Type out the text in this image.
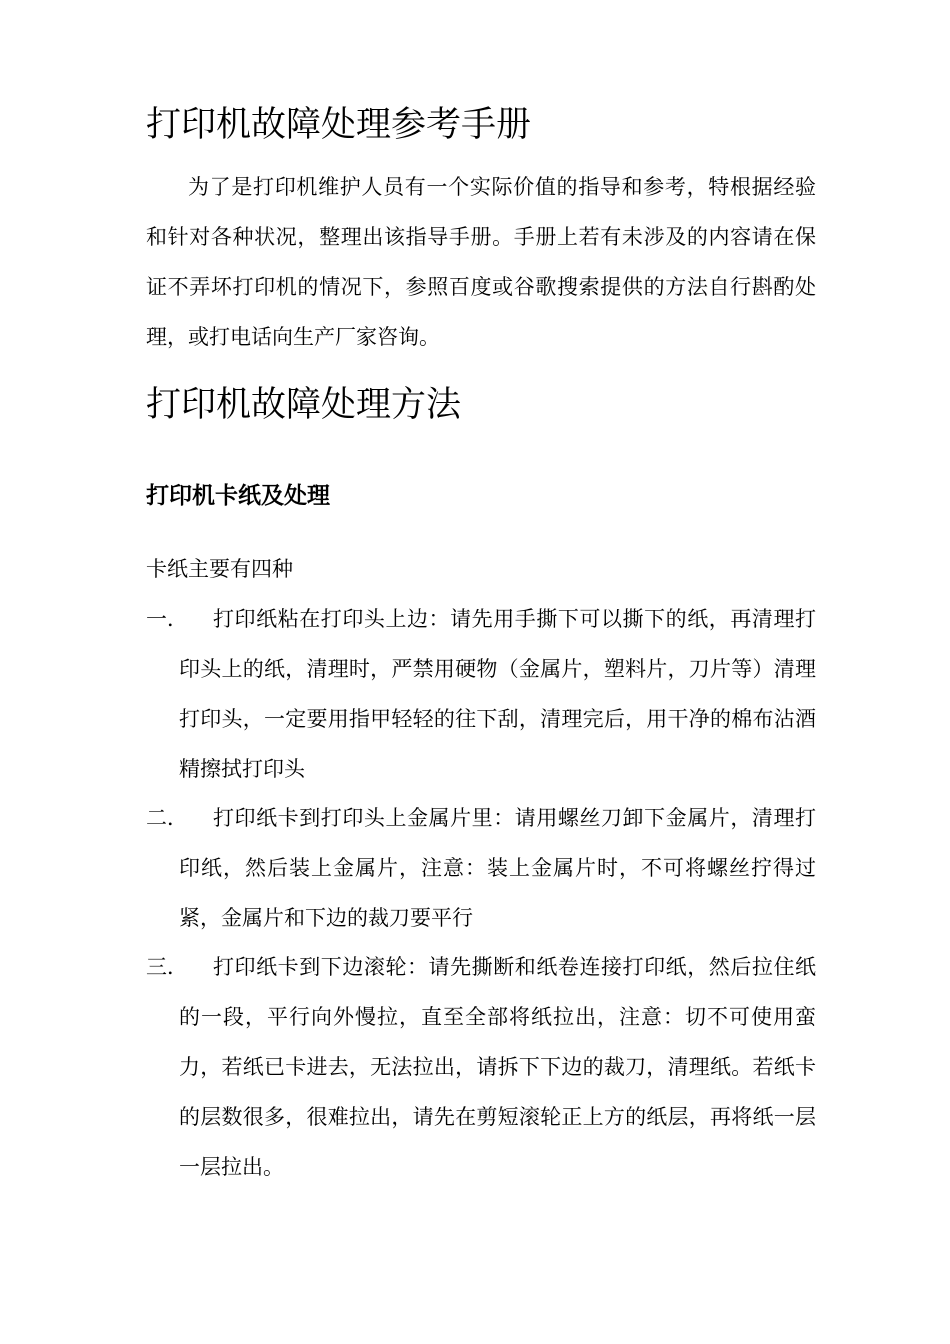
打印机故障处理参考手册

为了是打印机维护人员有一个实际价值的指导和参考，特根据经验和针对各种状况，整理出该指导手册。手册上若有未涉及的内容请在保证不弄坏打印机的情况下，参照百度或谷歌搜索提供的方法自行斟酌处理，或打电话向生产厂家咨询。

打印机故障处理方法
打印机卡纸及处理

卡纸主要有四种

一．	打印纸粘在打印头上边：请先用手撕下可以撕下的纸，再清理打印头上的纸，清理时，严禁用硬物（金属片，塑料片，刀片等）清理打印头，一定要用指甲轻轻的往下刮，清理完后，用干净的棉布沾酒精擦拭打印头

二．	打印纸卡到打印头上金属片里：请用螺丝刀卸下金属片，清理打印纸，然后装上金属片，注意：装上金属片时，不可将螺丝拧得过紧，金属片和下边的裁刀要平行

三．	打印纸卡到下边滚轮：请先撕断和纸卷连接打印纸，然后拉住纸的一段，平行向外慢拉，直至全部将纸拉出，注意：切不可使用蛮力，若纸已卡进去，无法拉出，请拆下下边的裁刀，清理纸。若纸卡的层数很多，很难拉出，请先在剪短滚轮正上方的纸层，再将纸一层一层拉出。
